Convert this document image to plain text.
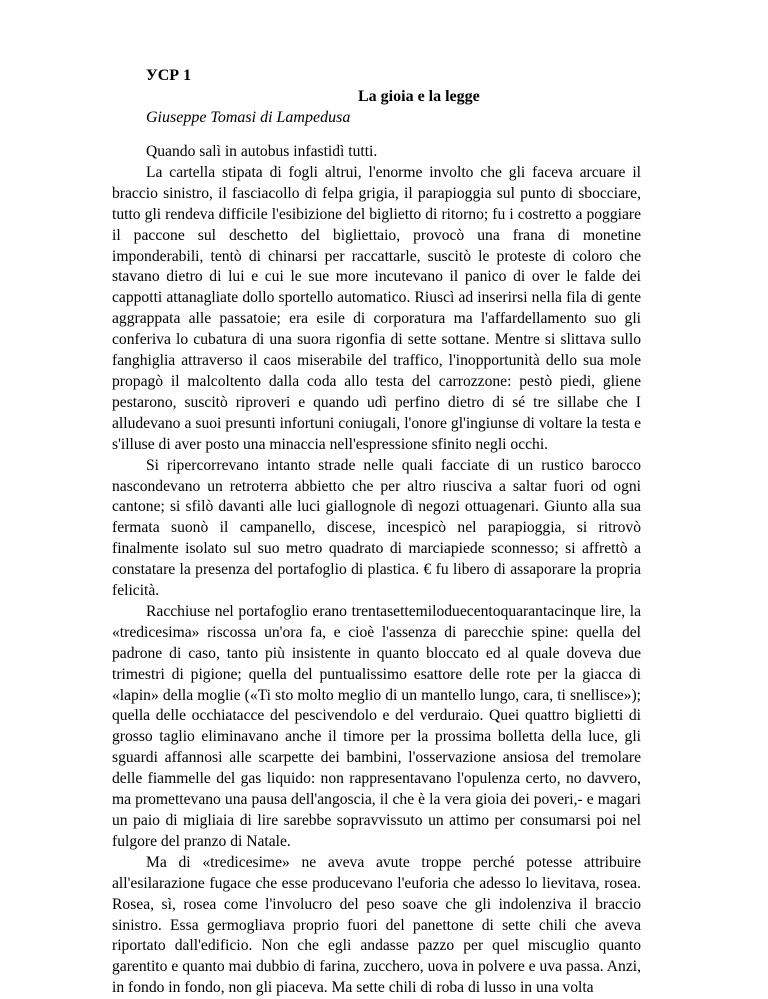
УСР 1

La gioia e la legge

Giuseppe Tomasi di Lampedusa

Quando salì in autobus infastidì tutti.

La cartella stipata di fogli altrui, l'enorme involto che gli faceva arcuare il braccio sinistro, il fasciacollo di felpa grigia, il parapioggia sul punto di sbocciare, tutto gli rendeva difficile l'esibizione del biglietto di ritorno; fu i costretto a poggiare il paccone sul deschetto del bigliettaio, provocò una frana di monetine imponderabili, tentò di chinarsi per raccattarle, suscitò le proteste di coloro che stavano dietro di lui e cui le sue more incutevano il panico di over le falde dei cappotti attanagliate dollo sportello automatico. Riuscì ad inserirsi nella fila di gente aggrappata alle passatoie; era esile di corporatura ma l'affardellamento suo gli conferiva lo cubatura di una suora rigonfia di sette sottane. Mentre si slittava sullo fanghiglia attraverso il caos miserabile del traffico, l'inopportunità dello sua mole propagò il malcoltento dalla coda allo testa del carrozzone: pestò piedi, gliene pestarono, suscitò riproveri e quando udì perfino dietro di sé tre sillabe che I alludevano a suoi presunti infortuni coniugali, l'onore gl'ingiunse di voltare la testa e s'illuse di aver posto una minaccia nell'espressione sfinito negli occhi.

Si ripercorrevano intanto strade nelle quali facciate di un rustico barocco nascondevano un retroterra abbietto che per altro riusciva a saltar fuori od ogni cantone; si sfilò davanti alle luci giallognole dì negozi ottuagenari. Giunto alla sua fermata suonò il campanello, discese, incespicò nel parapioggia, si ritrovò finalmente isolato sul suo metro quadrato di marciapiede sconnesso; si affrettò a constatare la presenza del portafoglio di plastica. € fu libero di assaporare la propria felicità.

Racchiuse nel portafoglio erano trentasettemiloduecentoquarantacinque lire, la «tredicesima» riscossa un'ora fa, e cioè l'assenza di parecchie spine: quella del padrone di caso, tanto più insistente in quanto bloccato ed al quale doveva due trimestri di pigione; quella del puntualissimo esattore delle rote per la giacca di «lapin» della moglie («Ti sto molto meglio di un mantello lungo, cara, ti snellisce»); quella delle occhiatacce del pescivendolo e del verduraio. Quei quattro biglietti di grosso taglio eliminavano anche il timore per la prossima bolletta della luce, gli sguardi affannosi alle scarpette dei bambini, l'osservazione ansiosa del tremolare delle fiammelle del gas liquido: non rappresentavano l'opulenza certo, no davvero, ma promettevano una pausa dell'angoscia, il che è la vera gioia dei poveri,- e magari un paio di migliaia di lire sarebbe sopravvissuto un attimo per consumarsi poi nel fulgore del pranzo di Natale.

Ma di «tredicesime» ne aveva avute troppe perché potesse attribuire all'esilarazione fugace che esse producevano l'euforia che adesso lo lievitava, rosea. Rosea, sì, rosea come l'involucro del peso soave che gli indolenziva il braccio sinistro. Essa germogliava proprio fuori del panettone di sette chili che aveva riportato dall'edificio. Non che egli andasse pazzo per quel miscuglio quanto garentito e quanto mai dubbio di farina, zucchero, uova in polvere e uva passa. Anzi, in fondo in fondo, non gli piaceva. Ma sette chili di roba di lusso in una volta
